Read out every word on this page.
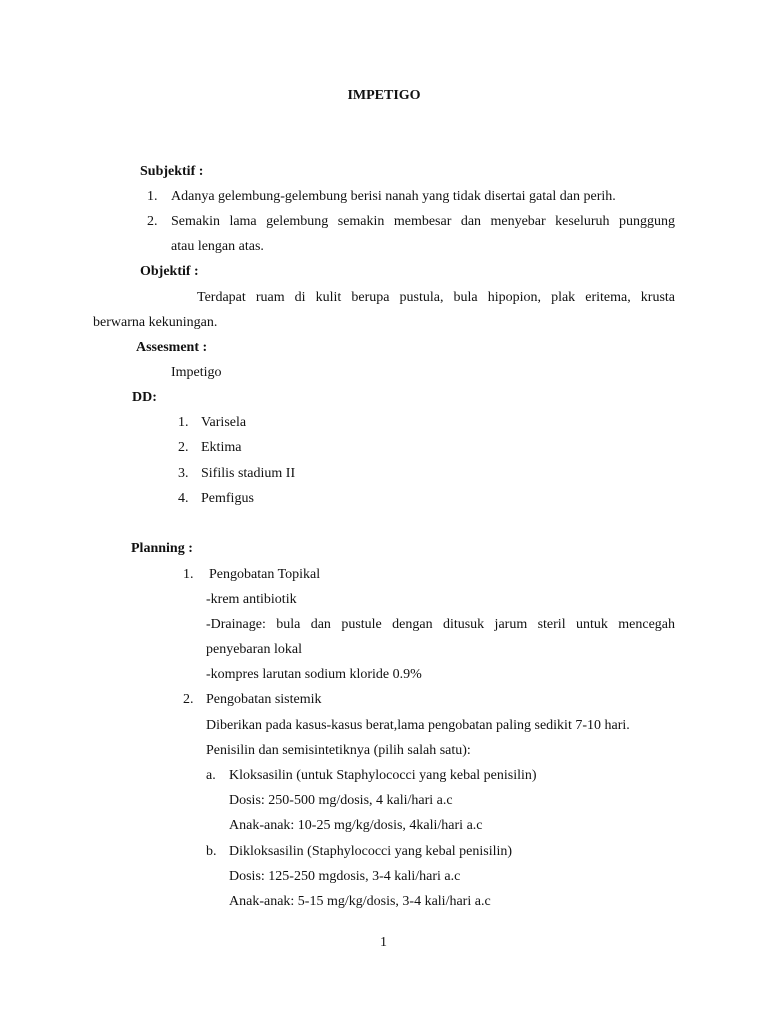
IMPETIGO
Subjektif :
1. Adanya gelembung-gelembung berisi nanah yang tidak disertai gatal dan perih.
2. Semakin lama gelembung semakin membesar dan menyebar keseluruh punggung
atau lengan atas.
Objektif :
Terdapat ruam di kulit berupa pustula, bula hipopion, plak eritema, krusta
berwarna kekuningan.
Assesment :
Impetigo
DD:
1. Varisela
2. Ektima
3. Sifilis stadium II
4. Pemfigus
Planning :
1. Pengobatan Topikal
-krem antibiotik
-Drainage: bula dan pustule dengan ditusuk jarum steril untuk mencegah
penyebaran lokal
-kompres larutan sodium kloride 0.9%
2. Pengobatan sistemik
Diberikan pada kasus-kasus berat,lama pengobatan paling sedikit 7-10 hari.
Penisilin dan semisintetiknya (pilih salah satu):
a. Kloksasilin (untuk Staphylococci yang kebal penisilin)
Dosis: 250-500 mg/dosis, 4 kali/hari a.c
Anak-anak: 10-25 mg/kg/dosis, 4kali/hari a.c
b. Dikloksasilin (Staphylococci yang kebal penisilin)
Dosis: 125-250 mgdosis, 3-4 kali/hari a.c
Anak-anak: 5-15 mg/kg/dosis, 3-4 kali/hari a.c
1
